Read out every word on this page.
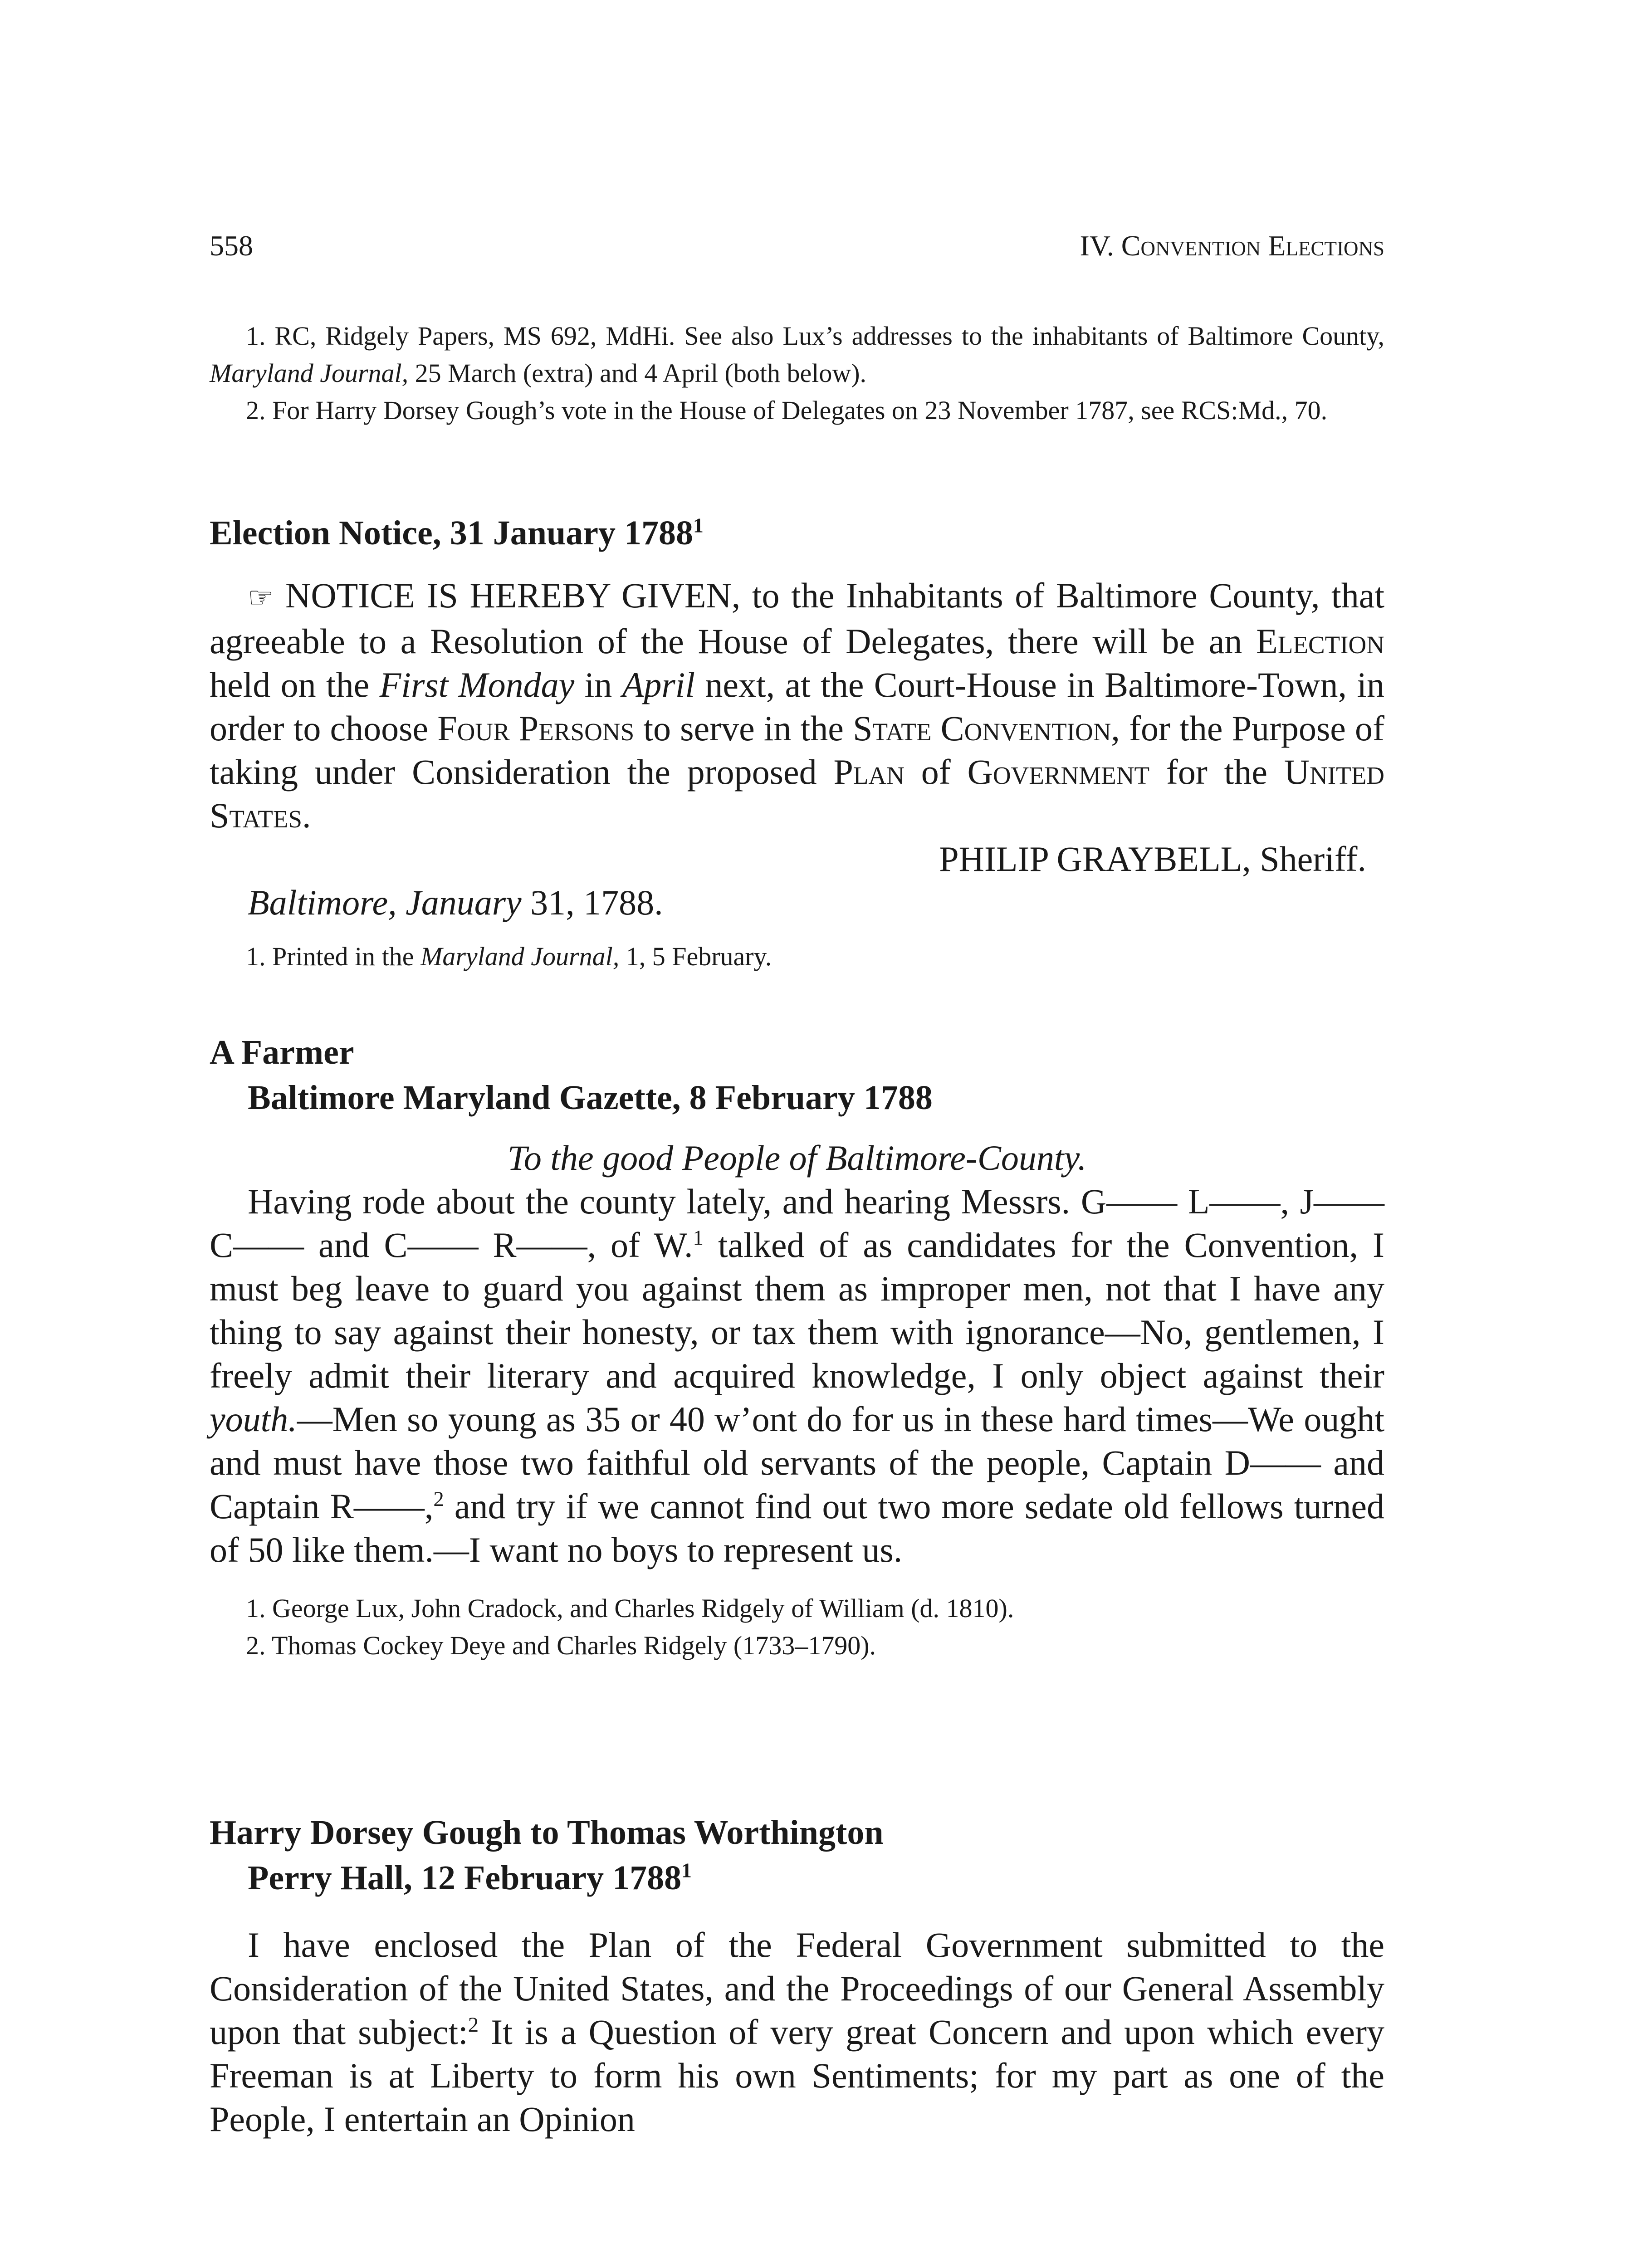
558	IV. Convention Elections
1. RC, Ridgely Papers, MS 692, MdHi. See also Lux’s addresses to the inhabitants of Baltimore County, Maryland Journal, 25 March (extra) and 4 April (both below).
2. For Harry Dorsey Gough’s vote in the House of Delegates on 23 November 1787, see RCS:Md., 70.
Election Notice, 31 January 1788$^1$
☞ NOTICE IS HEREBY GIVEN, to the Inhabitants of Baltimore County, that agreeable to a Resolution of the House of Delegates, there will be an Election held on the First Monday in April next, at the Court-House in Baltimore-Town, in order to choose Four Persons to serve in the State Convention, for the Purpose of taking under Consideration the proposed Plan of Government for the United States.
PHILIP GRAYBELL, Sheriff.
Baltimore, January 31, 1788.
1. Printed in the Maryland Journal, 1, 5 February.
A Farmer
Baltimore Maryland Gazette, 8 February 1788
To the good People of Baltimore-County.
Having rode about the county lately, and hearing Messrs. G—— L——, J—— C—— and C—— R——, of W.$^1$ talked of as candidates for the Convention, I must beg leave to guard you against them as improper men, not that I have any thing to say against their honesty, or tax them with ignorance—No, gentlemen, I freely admit their literary and acquired knowledge, I only object against their youth.—Men so young as 35 or 40 w’ont do for us in these hard times—We ought and must have those two faithful old servants of the people, Captain D—— and Captain R——,$^2$ and try if we cannot find out two more sedate old fellows turned of 50 like them.—I want no boys to represent us.
1. George Lux, John Cradock, and Charles Ridgely of William (d. 1810).
2. Thomas Cockey Deye and Charles Ridgely (1733–1790).
Harry Dorsey Gough to Thomas Worthington
Perry Hall, 12 February 1788$^1$
I have enclosed the Plan of the Federal Government submitted to the Consideration of the United States, and the Proceedings of our General Assembly upon that subject:$^2$ It is a Question of very great Concern and upon which every Freeman is at Liberty to form his own Sentiments; for my part as one of the People, I entertain an Opinion
